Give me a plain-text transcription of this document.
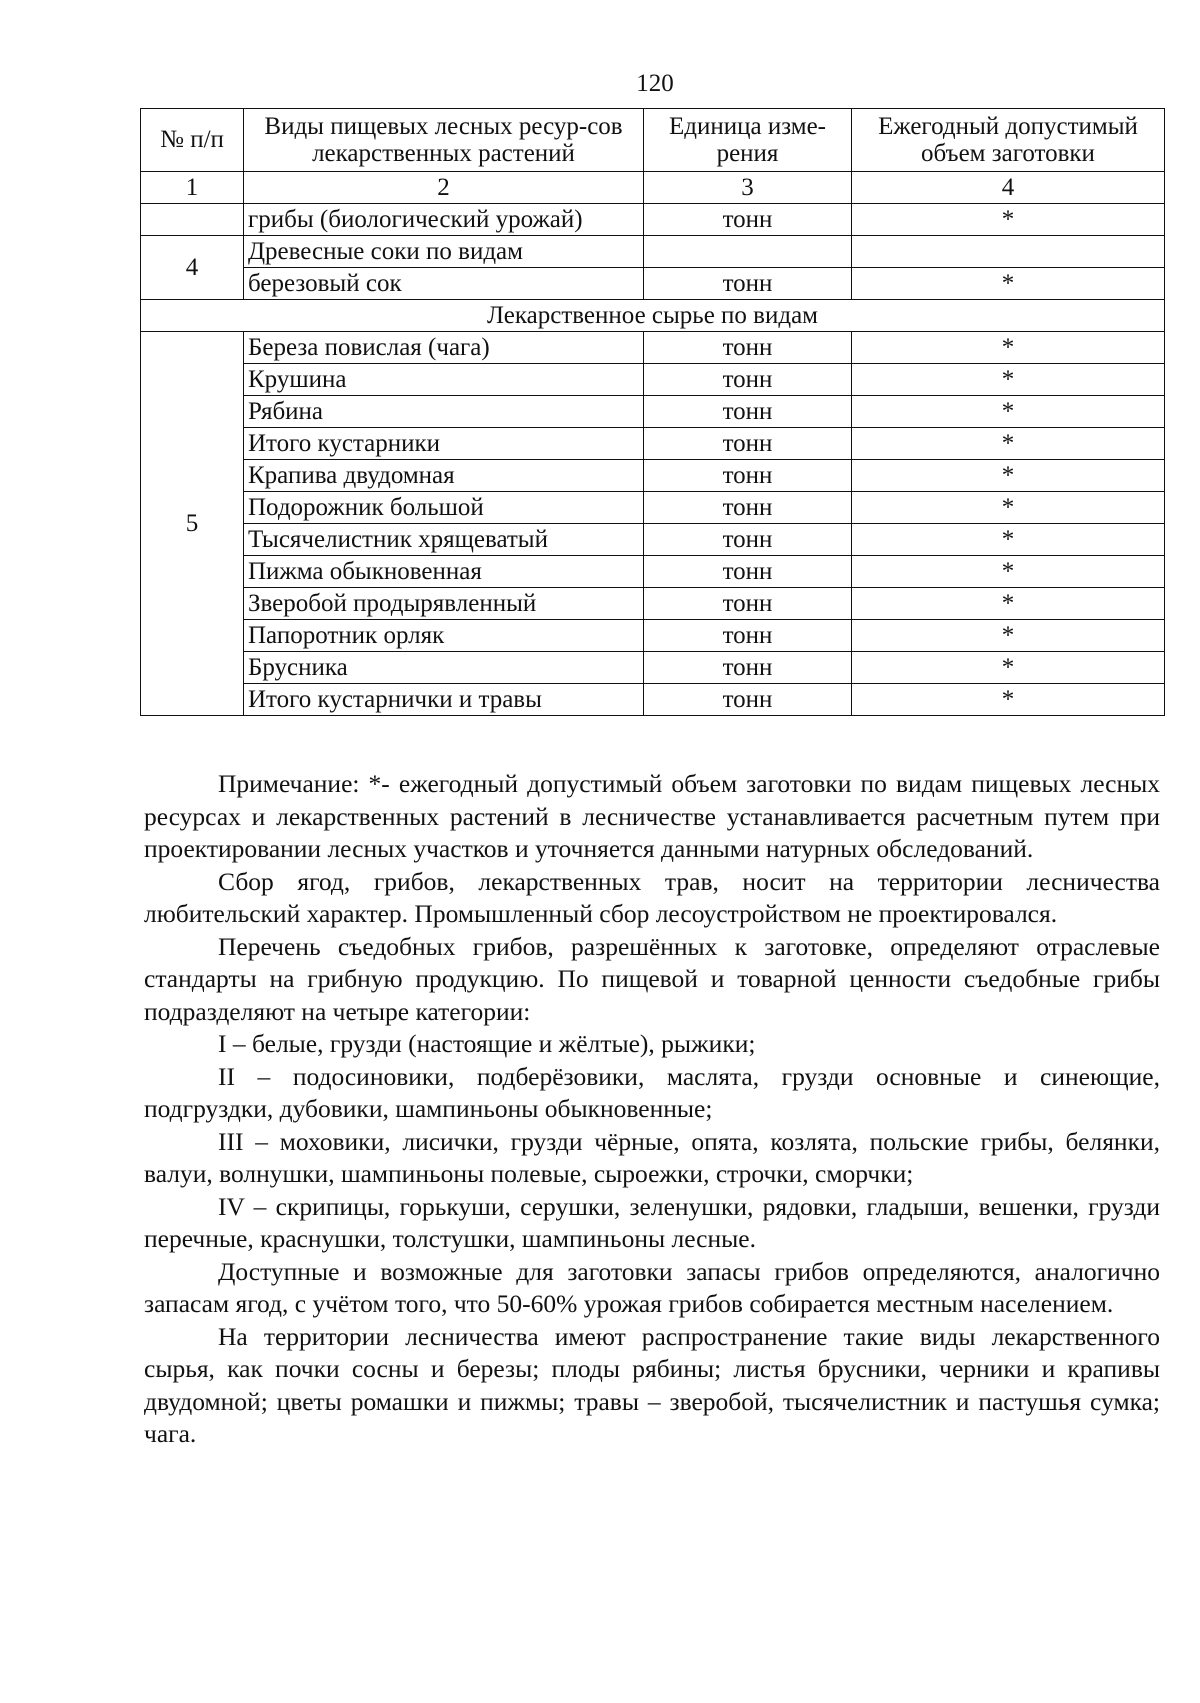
120
№ п/п	Виды пищевых лесных ресур-сов лекарственных растений	Единица изме-рения	Ежегодный допустимый объем заготовки
1	2	3	4
	грибы (биологический урожай)	тонн	*
4	Древесные соки по видам		
	березовый сок	тонн	*
Лекарственное сырье по видам			
5	Береза повислая (чага)	тонн	*
	Крушина	тонн	*
	Рябина	тонн	*
	Итого кустарники	тонн	*
	Крапива двудомная	тонн	*
	Подорожник большой	тонн	*
	Тысячелистник хрящеватый	тонн	*
	Пижма обыкновенная	тонн	*
	Зверобой продырявленный	тонн	*
	Папоротник орляк	тонн	*
	Брусника	тонн	*
	Итого кустарнички и травы	тонн	*

Примечание: *- ежегодный допустимый объем заготовки по видам пищевых лесных ресурсах и лекарственных растений в лесничестве устанавливается расчетным путем при проектировании лесных участков и уточняется данными натурных обследований.

Сбор ягод, грибов, лекарственных трав, носит на территории лесничества любительский характер. Промышленный сбор лесоустройством не проектировался.

Перечень съедобных грибов, разрешённых к заготовке, определяют отраслевые стандарты на грибную продукцию. По пищевой и товарной ценности съедобные грибы подразделяют на четыре категории:

I – белые, грузди (настоящие и жёлтые), рыжики;

II – подосиновики, подберёзовики, маслята, грузди основные и синеющие, подгруздки, дубовики, шампиньоны обыкновенные;

III – моховики, лисички, грузди чёрные, опята, козлята, польские грибы, белянки, валуи, волнушки, шампиньоны полевые, сыроежки, строчки, сморчки;

IV – скрипицы, горькуши, серушки, зеленушки, рядовки, гладыши, вешенки, грузди перечные, краснушки, толстушки, шампиньоны лесные.

Доступные и возможные для заготовки запасы грибов определяются, аналогично запасам ягод, с учётом того, что 50-60% урожая грибов собирается местным населением.

На территории лесничества имеют распространение такие виды лекарственного сырья, как почки сосны и березы; плоды рябины; листья брусники, черники и крапивы двудомной; цветы ромашки и пижмы; травы – зверобой, тысячелистник и пастушья сумка; чага.
